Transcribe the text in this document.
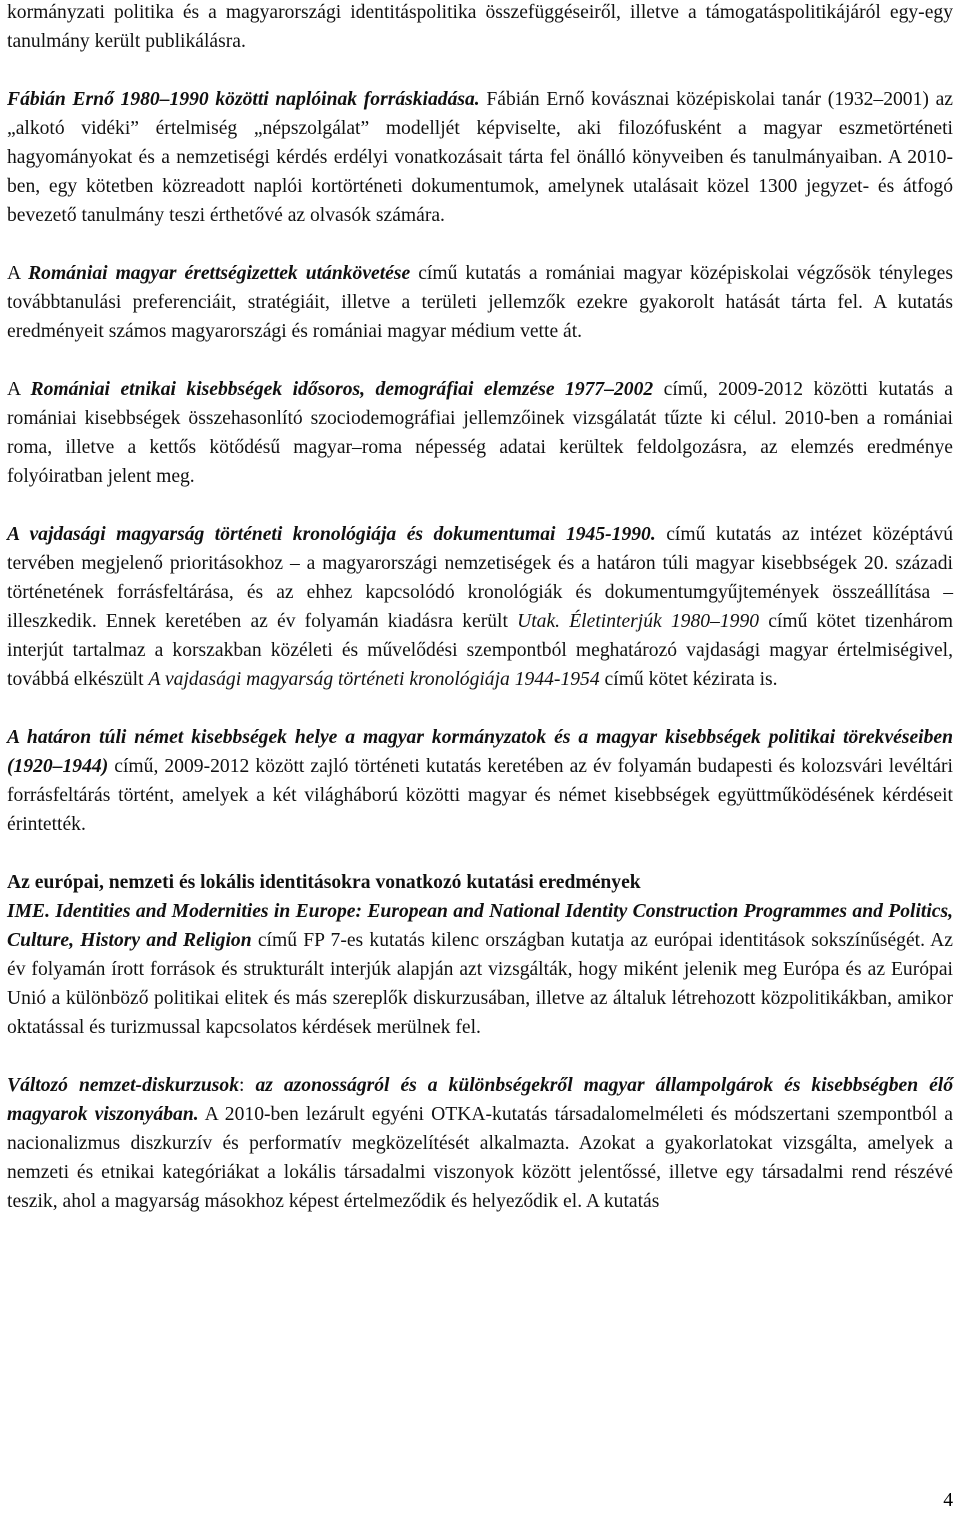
kormányzati politika és a magyarországi identitáspolitika összefüggéseiről, illetve a támogatáspolitikájáról egy-egy tanulmány került publikálásra.

Fábián Ernő 1980–1990 közötti naplóinak forráskiadása. Fábián Ernő kovásznai középiskolai tanár (1932–2001) az „alkotó vidéki” értelmiség „népszolgálat” modelljét képviselte, aki filozófusként a magyar eszmetörténeti hagyományokat és a nemzetiségi kérdés erdélyi vonatkozásait tárta fel önálló könyveiben és tanulmányaiban. A 2010-ben, egy kötetben közreadott naplói kortörténeti dokumentumok, amelynek utalásait közel 1300 jegyzet- és átfogó bevezető tanulmány teszi érthetővé az olvasók számára.

A Romániai magyar érettségizettek utánkövetése című kutatás a romániai magyar középiskolai végzősök tényleges továbbtanulási preferenciáit, stratégiáit, illetve a területi jellemzők ezekre gyakorolt hatását tárta fel. A kutatás eredményeit számos magyarországi és romániai magyar médium vette át.

A Romániai etnikai kisebbségek idősoros, demográfiai elemzése 1977–2002 című, 2009-2012 közötti kutatás a romániai kisebbségek összehasonlító szociodemográfiai jellemzőinek vizsgálatát tűzte ki célul. 2010-ben a romániai roma, illetve a kettős kötődésű magyar–roma népesség adatai kerültek feldolgozásra, az elemzés eredménye folyóiratban jelent meg.

A vajdasági magyarság történeti kronológiája és dokumentumai 1945-1990. című kutatás az intézet középtávú tervében megjelenő prioritásokhoz – a magyarországi nemzetiségek és a határon túli magyar kisebbségek 20. századi történetének forrásfeltárása, és az ehhez kapcsolódó kronológiák és dokumentumgyűjtemények összeállítása – illeszkedik. Ennek keretében az év folyamán kiadásra került Utak. Életinterjúk 1980–1990 című kötet tizenhárom interjút tartalmaz a korszakban közéleti és művelődési szempontból meghatározó vajdasági magyar értelmiségivel, továbbá elkészült A vajdasági magyarság történeti kronológiája 1944-1954 című kötet kézirata is.

A határon túli német kisebbségek helye a magyar kormányzatok és a magyar kisebbségek politikai törekvéseiben (1920–1944) című, 2009-2012 között zajló történeti kutatás keretében az év folyamán budapesti és kolozsvári levéltári forrásfeltárás történt, amelyek a két világháború közötti magyar és német kisebbségek együttműködésének kérdéseit érintették.

Az európai, nemzeti és lokális identitásokra vonatkozó kutatási eredmények

IME. Identities and Modernities in Europe: European and National Identity Construction Programmes and Politics, Culture, History and Religion című FP 7-es kutatás kilenc országban kutatja az európai identitások sokszínűségét. Az év folyamán írott források és strukturált interjúk alapján azt vizsgálták, hogy miként jelenik meg Európa és az Európai Unió a különböző politikai elitek és más szereplők diskurzusában, illetve az általuk létrehozott közpolitikákban, amikor oktatással és turizmussal kapcsolatos kérdések merülnek fel.

Változó nemzet-diskurzusok: az azonosságról és a különbségekről magyar állampolgárok és kisebbségben élő magyarok viszonyában. A 2010-ben lezárult egyéni OTKA-kutatás társadalomelméleti és módszertani szempontból a nacionalizmus diszkurzív és performatív megközelítését alkalmazta. Azokat a gyakorlatokat vizsgálta, amelyek a nemzeti és etnikai kategóriákat a lokális társadalmi viszonyok között jelentőssé, illetve egy társadalmi rend részévé teszik, ahol a magyarság másokhoz képest értelmeződik és helyeződik el. A kutatás

4
